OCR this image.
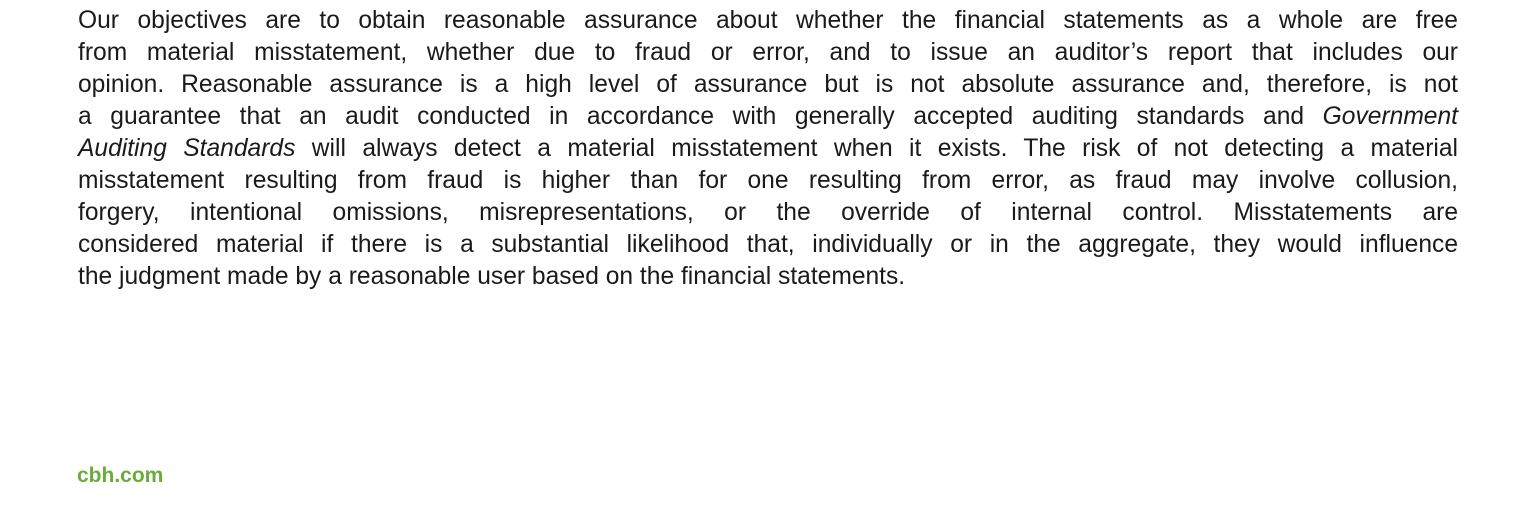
Our objectives are to obtain reasonable assurance about whether the financial statements as a whole are free
from material misstatement, whether due to fraud or error, and to issue an auditor’s report that includes our
opinion. Reasonable assurance is a high level of assurance but is not absolute assurance and, therefore, is not
a guarantee that an audit conducted in accordance with generally accepted auditing standards and Government
Auditing Standards will always detect a material misstatement when it exists. The risk of not detecting a material
misstatement resulting from fraud is higher than for one resulting from error, as fraud may involve collusion,
forgery, intentional omissions, misrepresentations, or the override of internal control. Misstatements are
considered material if there is a substantial likelihood that, individually or in the aggregate, they would influence
the judgment made by a reasonable user based on the financial statements.

cbh.com
